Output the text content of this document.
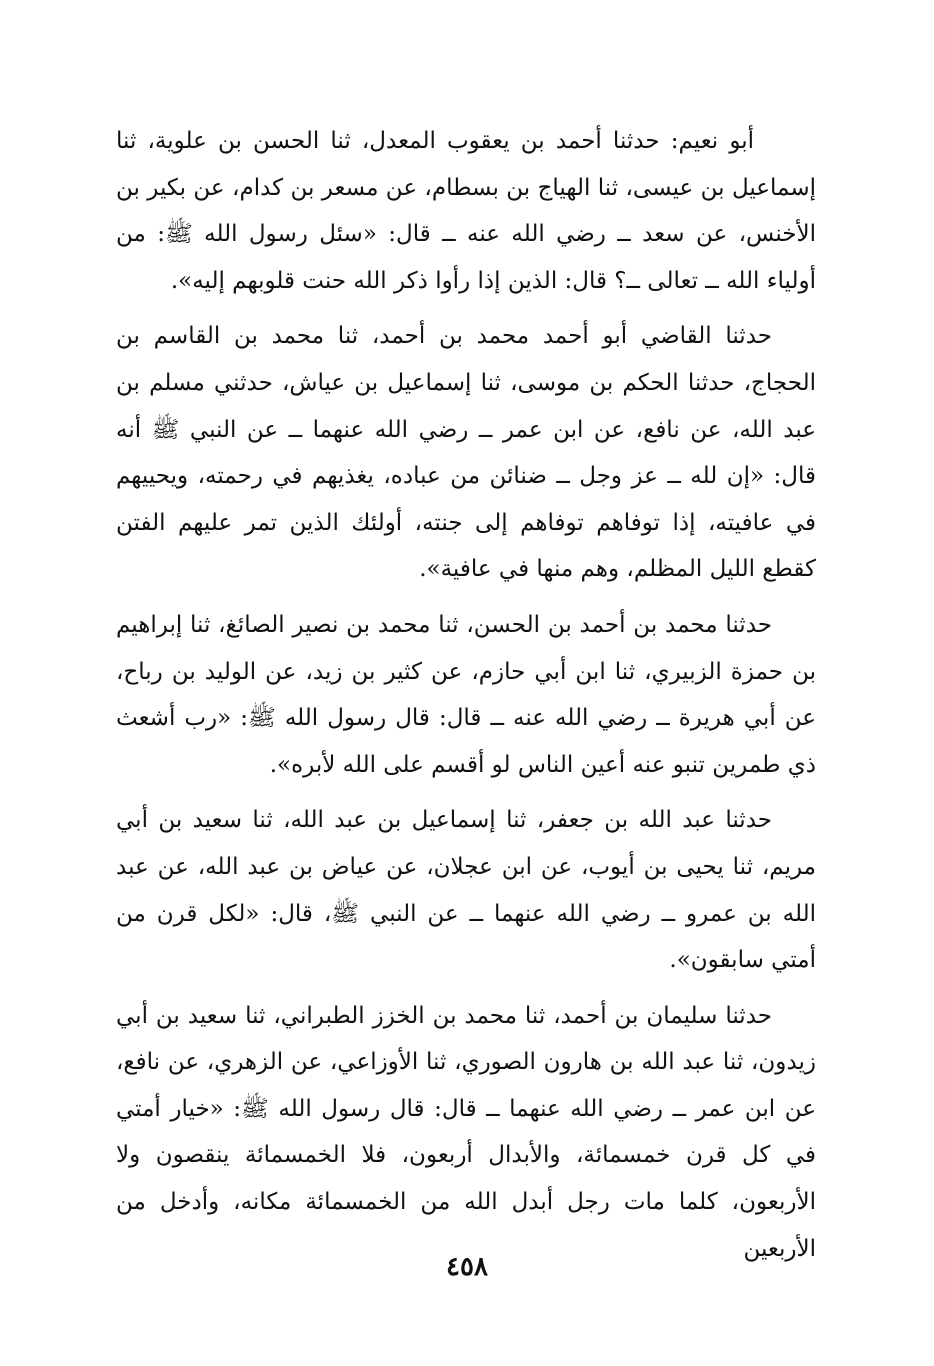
أبو نعيم: حدثنا أحمد بن يعقوب المعدل، ثنا الحسن بن علوية، ثنا إسماعيل بن عيسى، ثنا الهياج بن بسطام، عن مسعر بن كدام، عن بكير بن الأخنس، عن سعد ــ رضي الله عنه ــ قال: «سئل رسول الله ﷺ: من أولياء الله ــ تعالى ــ؟ قال: الذين إذا رأوا ذكر الله حنت قلوبهم إليه».

حدثنا القاضي أبو أحمد محمد بن أحمد، ثنا محمد بن القاسم بن الحجاج، حدثنا الحكم بن موسى، ثنا إسماعيل بن عياش، حدثني مسلم بن عبد الله، عن نافع، عن ابن عمر ــ رضي الله عنهما ــ عن النبي ﷺ أنه قال: «إن لله ــ عز وجل ــ ضنائن من عباده، يغذيهم في رحمته، ويحييهم في عافيته، إذا توفاهم توفاهم إلى جنته، أولئك الذين تمر عليهم الفتن كقطع الليل المظلم، وهم منها في عافية».

حدثنا محمد بن أحمد بن الحسن، ثنا محمد بن نصير الصائغ، ثنا إبراهيم بن حمزة الزبيري، ثنا ابن أبي حازم، عن كثير بن زيد، عن الوليد بن رباح، عن أبي هريرة ــ رضي الله عنه ــ قال: قال رسول الله ﷺ: «رب أشعث ذي طمرين تنبو عنه أعين الناس لو أقسم على الله لأبره».

حدثنا عبد الله بن جعفر، ثنا إسماعيل بن عبد الله، ثنا سعيد بن أبي مريم، ثنا يحيى بن أيوب، عن ابن عجلان، عن عياض بن عبد الله، عن عبد الله بن عمرو ــ رضي الله عنهما ــ عن النبي ﷺ، قال: «لكل قرن من أمتي سابقون».

حدثنا سليمان بن أحمد، ثنا محمد بن الخزز الطبراني، ثنا سعيد بن أبي زيدون، ثنا عبد الله بن هارون الصوري، ثنا الأوزاعي، عن الزهري، عن نافع، عن ابن عمر ــ رضي الله عنهما ــ قال: قال رسول الله ﷺ: «خيار أمتي في كل قرن خمسمائة، والأبدال أربعون، فلا الخمسمائة ينقصون ولا الأربعون، كلما مات رجل أبدل الله من الخمسمائة مكانه، وأدخل من الأربعين

٤٥٨
